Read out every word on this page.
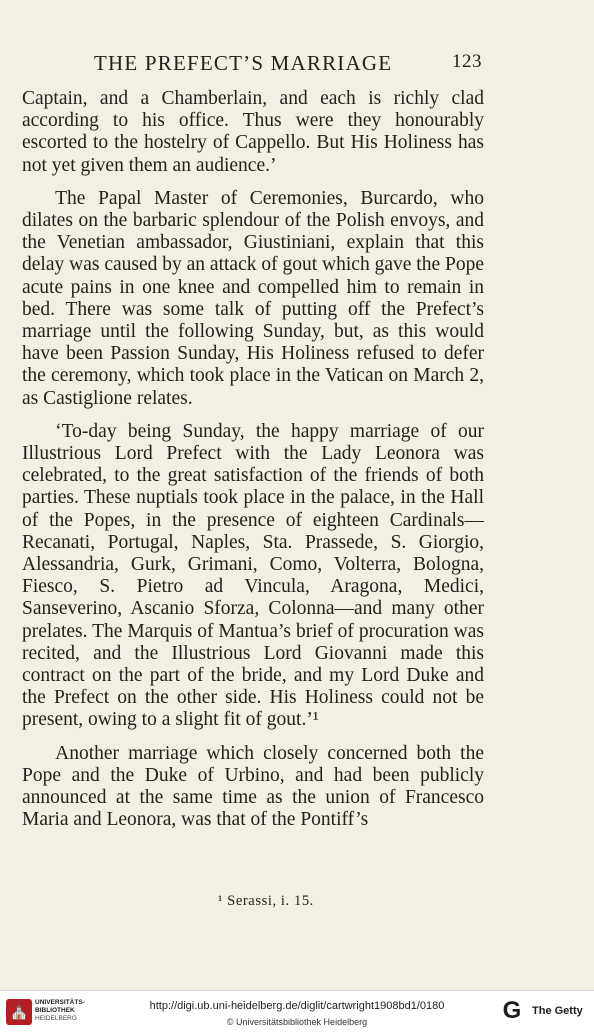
THE PREFECT’S MARRIAGE	123

Captain, and a Chamberlain, and each is richly clad according to his office. Thus were they honourably escorted to the hostelry of Cappello. But His Holiness has not yet given them an audience.’

The Papal Master of Ceremonies, Burcardo, who dilates on the barbaric splendour of the Polish envoys, and the Venetian ambassador, Giustiniani, explain that this delay was caused by an attack of gout which gave the Pope acute pains in one knee and compelled him to remain in bed. There was some talk of putting off the Prefect’s marriage until the following Sunday, but, as this would have been Passion Sunday, His Holiness refused to defer the ceremony, which took place in the Vatican on March 2, as Castiglione relates.

‘To-day being Sunday, the happy marriage of our Illustrious Lord Prefect with the Lady Leonora was celebrated, to the great satisfaction of the friends of both parties. These nuptials took place in the palace, in the Hall of the Popes, in the presence of eighteen Cardinals—Recanati, Portugal, Naples, Sta. Prassede, S. Giorgio, Alessandria, Gurk, Grimani, Como, Volterra, Bologna, Fiesco, S. Pietro ad Vincula, Aragona, Medici, Sanseverino, Ascanio Sforza, Colonna—and many other prelates. The Marquis of Mantua’s brief of procuration was recited, and the Illustrious Lord Giovanni made this contract on the part of the bride, and my Lord Duke and the Prefect on the other side. His Holiness could not be present, owing to a slight fit of gout.’¹

Another marriage which closely concerned both the Pope and the Duke of Urbino, and had been publicly announced at the same time as the union of Francesco Maria and Leonora, was that of the Pontiff’s

¹ Serassi, i. 15.
⛪
UNIVERSITÄTS-
BIBLIOTHEK
HEIDELBERG
http://digi.ub.uni-heidelberg.de/diglit/cartwright1908bd1/0180
© Universitätsbibliothek Heidelberg	G The Getty
